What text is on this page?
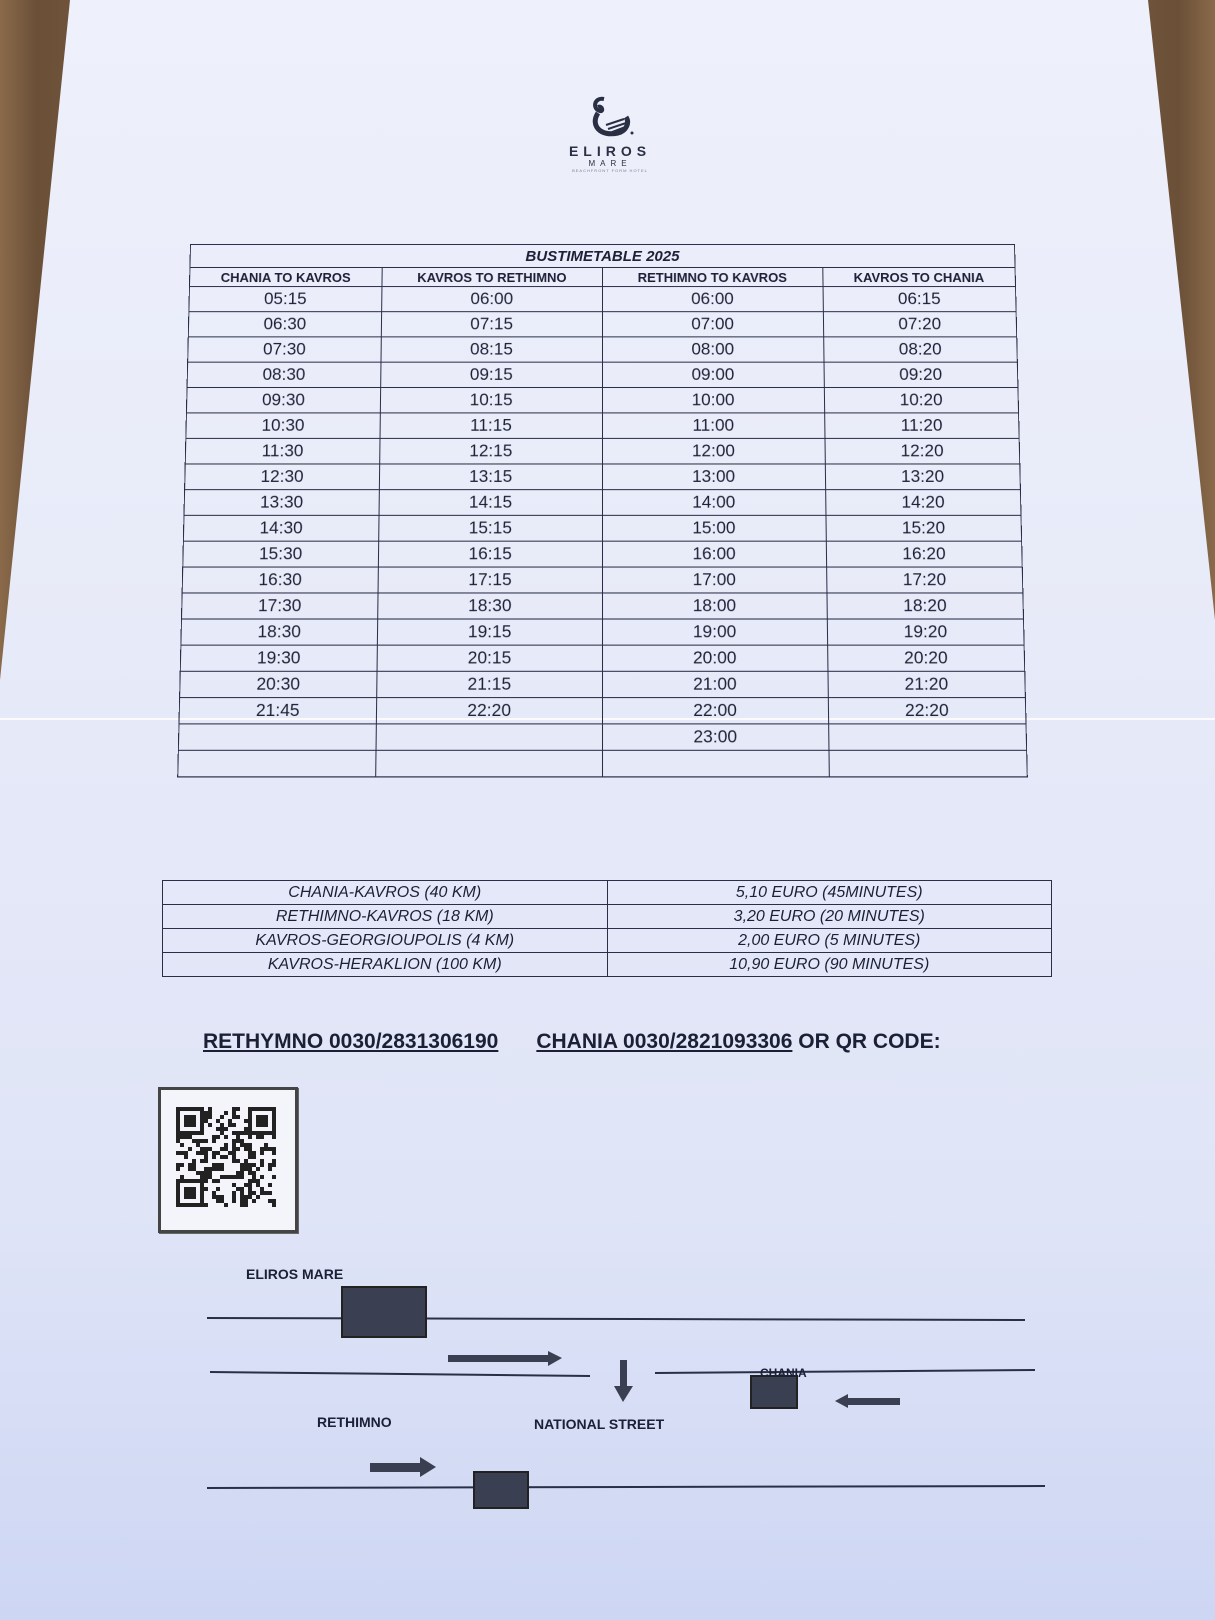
ELIROS
MARE
BEACHFRONT FORM HOTEL
BUSTIMETABLE 2025			
CHANIA TO KAVROS	KAVROS TO RETHIMNO	RETHIMNO TO KAVROS	KAVROS TO CHANIA
05:15	06:00	06:00	06:15
06:30	07:15	07:00	07:20
07:30	08:15	08:00	08:20
08:30	09:15	09:00	09:20
09:30	10:15	10:00	10:20
10:30	11:15	11:00	11:20
11:30	12:15	12:00	12:20
12:30	13:15	13:00	13:20
13:30	14:15	14:00	14:20
14:30	15:15	15:00	15:20
15:30	16:15	16:00	16:20
16:30	17:15	17:00	17:20
17:30	18:30	18:00	18:20
18:30	19:15	19:00	19:20
19:30	20:15	20:00	20:20
20:30	21:15	21:00	21:20
21:45	22:20	22:00	22:20
		23:00	

CHANIA-KAVROS (40 KM)	5,10 EURO (45MINUTES)
RETHIMNO-KAVROS (18 KM)	3,20 EURO (20 MINUTES)
KAVROS-GEORGIOUPOLIS (4 KM)	2,00 EURO (5 MINUTES)
KAVROS-HERAKLION (100 KM)	10,90 EURO (90 MINUTES)
RETHYMNO 0030/2831306190 CHANIA 0030/2821093306 OR QR CODE:
ELIROS MARE
CHANIA
RETHIMNO	NATIONAL STREET
